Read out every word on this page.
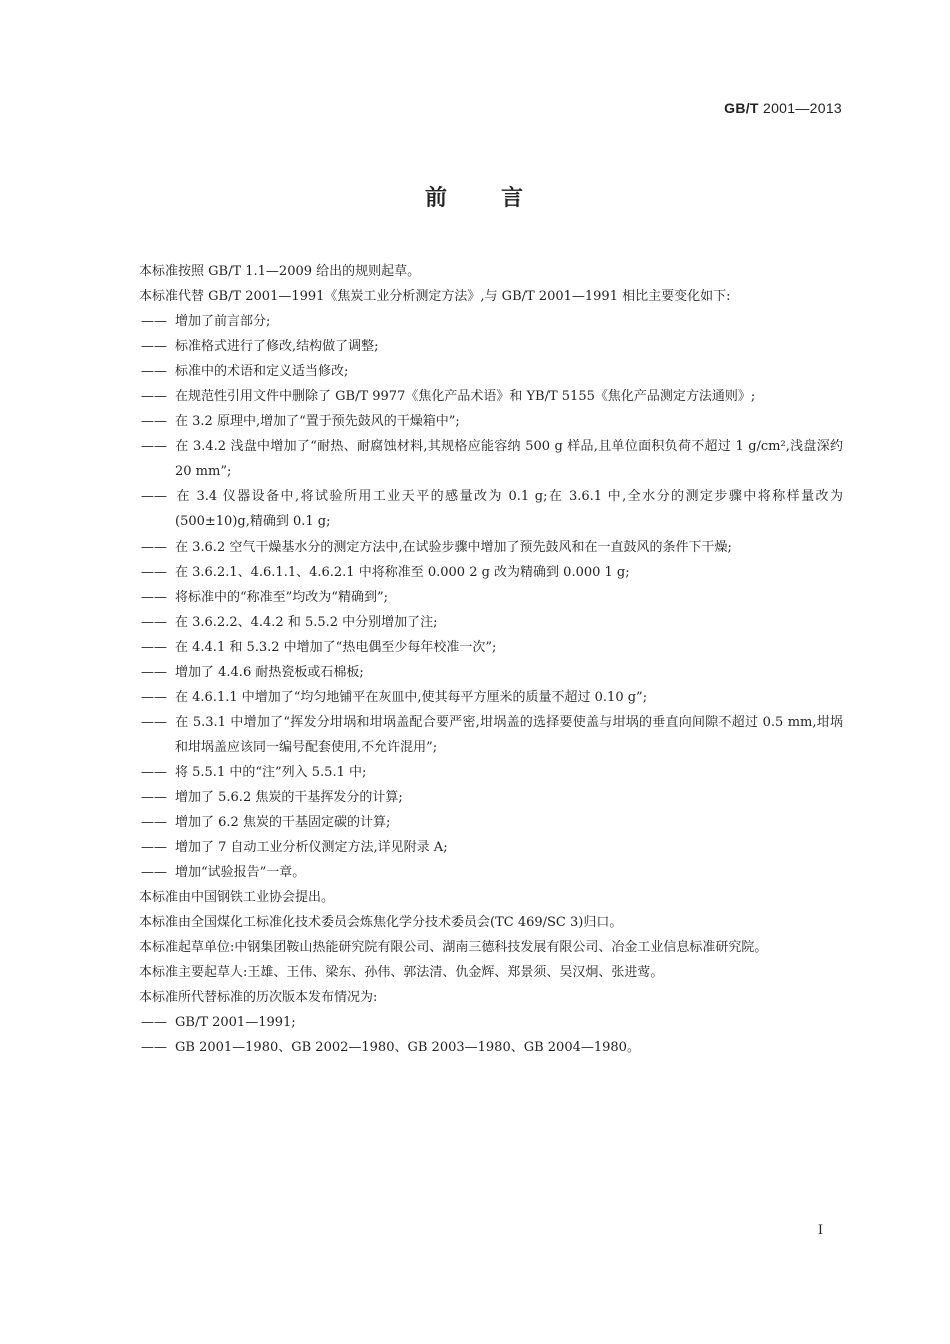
GB/T 2001—2013
前 言

本标准按照 GB/T 1.1—2009 给出的规则起草。

本标准代替 GB/T 2001—1991《焦炭工业分析测定方法》,与 GB/T 2001—1991 相比主要变化如下:

—— 增加了前言部分;

—— 标准格式进行了修改,结构做了调整;

—— 标准中的术语和定义适当修改;

—— 在规范性引用文件中删除了 GB/T 9977《焦化产品术语》和 YB/T 5155《焦化产品测定方法通则》;

—— 在 3.2 原理中,增加了“置于预先鼓风的干燥箱中”;

—— 在 3.4.2 浅盘中增加了“耐热、耐腐蚀材料,其规格应能容纳 500 g 样品,且单位面积负荷不超过 1 g/cm²,浅盘深约 20 mm”;

—— 在 3.4 仪器设备中,将试验所用工业天平的感量改为 0.1 g;在 3.6.1 中,全水分的测定步骤中将称样量改为(500±10)g,精确到 0.1 g;

—— 在 3.6.2 空气干燥基水分的测定方法中,在试验步骤中增加了预先鼓风和在一直鼓风的条件下干燥;

—— 在 3.6.2.1、4.6.1.1、4.6.2.1 中将称准至 0.000 2 g 改为精确到 0.000 1 g;

—— 将标准中的“称准至”均改为“精确到”;

—— 在 3.6.2.2、4.4.2 和 5.5.2 中分别增加了注;

—— 在 4.4.1 和 5.3.2 中增加了“热电偶至少每年校准一次”;

—— 增加了 4.4.6 耐热瓷板或石棉板;

—— 在 4.6.1.1 中增加了“均匀地铺平在灰皿中,使其每平方厘米的质量不超过 0.10 g”;

—— 在 5.3.1 中增加了“挥发分坩埚和坩埚盖配合要严密,坩埚盖的选择要使盖与坩埚的垂直向间隙不超过 0.5 mm,坩埚和坩埚盖应该同一编号配套使用,不允许混用”;

—— 将 5.5.1 中的“注”列入 5.5.1 中;

—— 增加了 5.6.2 焦炭的干基挥发分的计算;

—— 增加了 6.2 焦炭的干基固定碳的计算;

—— 增加了 7 自动工业分析仪测定方法,详见附录 A;

—— 增加“试验报告”一章。

本标准由中国钢铁工业协会提出。

本标准由全国煤化工标准化技术委员会炼焦化学分技术委员会(TC 469/SC 3)归口。

本标准起草单位:中钢集团鞍山热能研究院有限公司、湖南三德科技发展有限公司、冶金工业信息标准研究院。

本标准主要起草人:王雄、王伟、梁东、孙伟、郭法清、仇金辉、郑景须、吴汉炯、张进莺。

本标准所代替标准的历次版本发布情况为:

—— GB/T 2001—1991;

—— GB 2001—1980、GB 2002—1980、GB 2003—1980、GB 2004—1980。

I
